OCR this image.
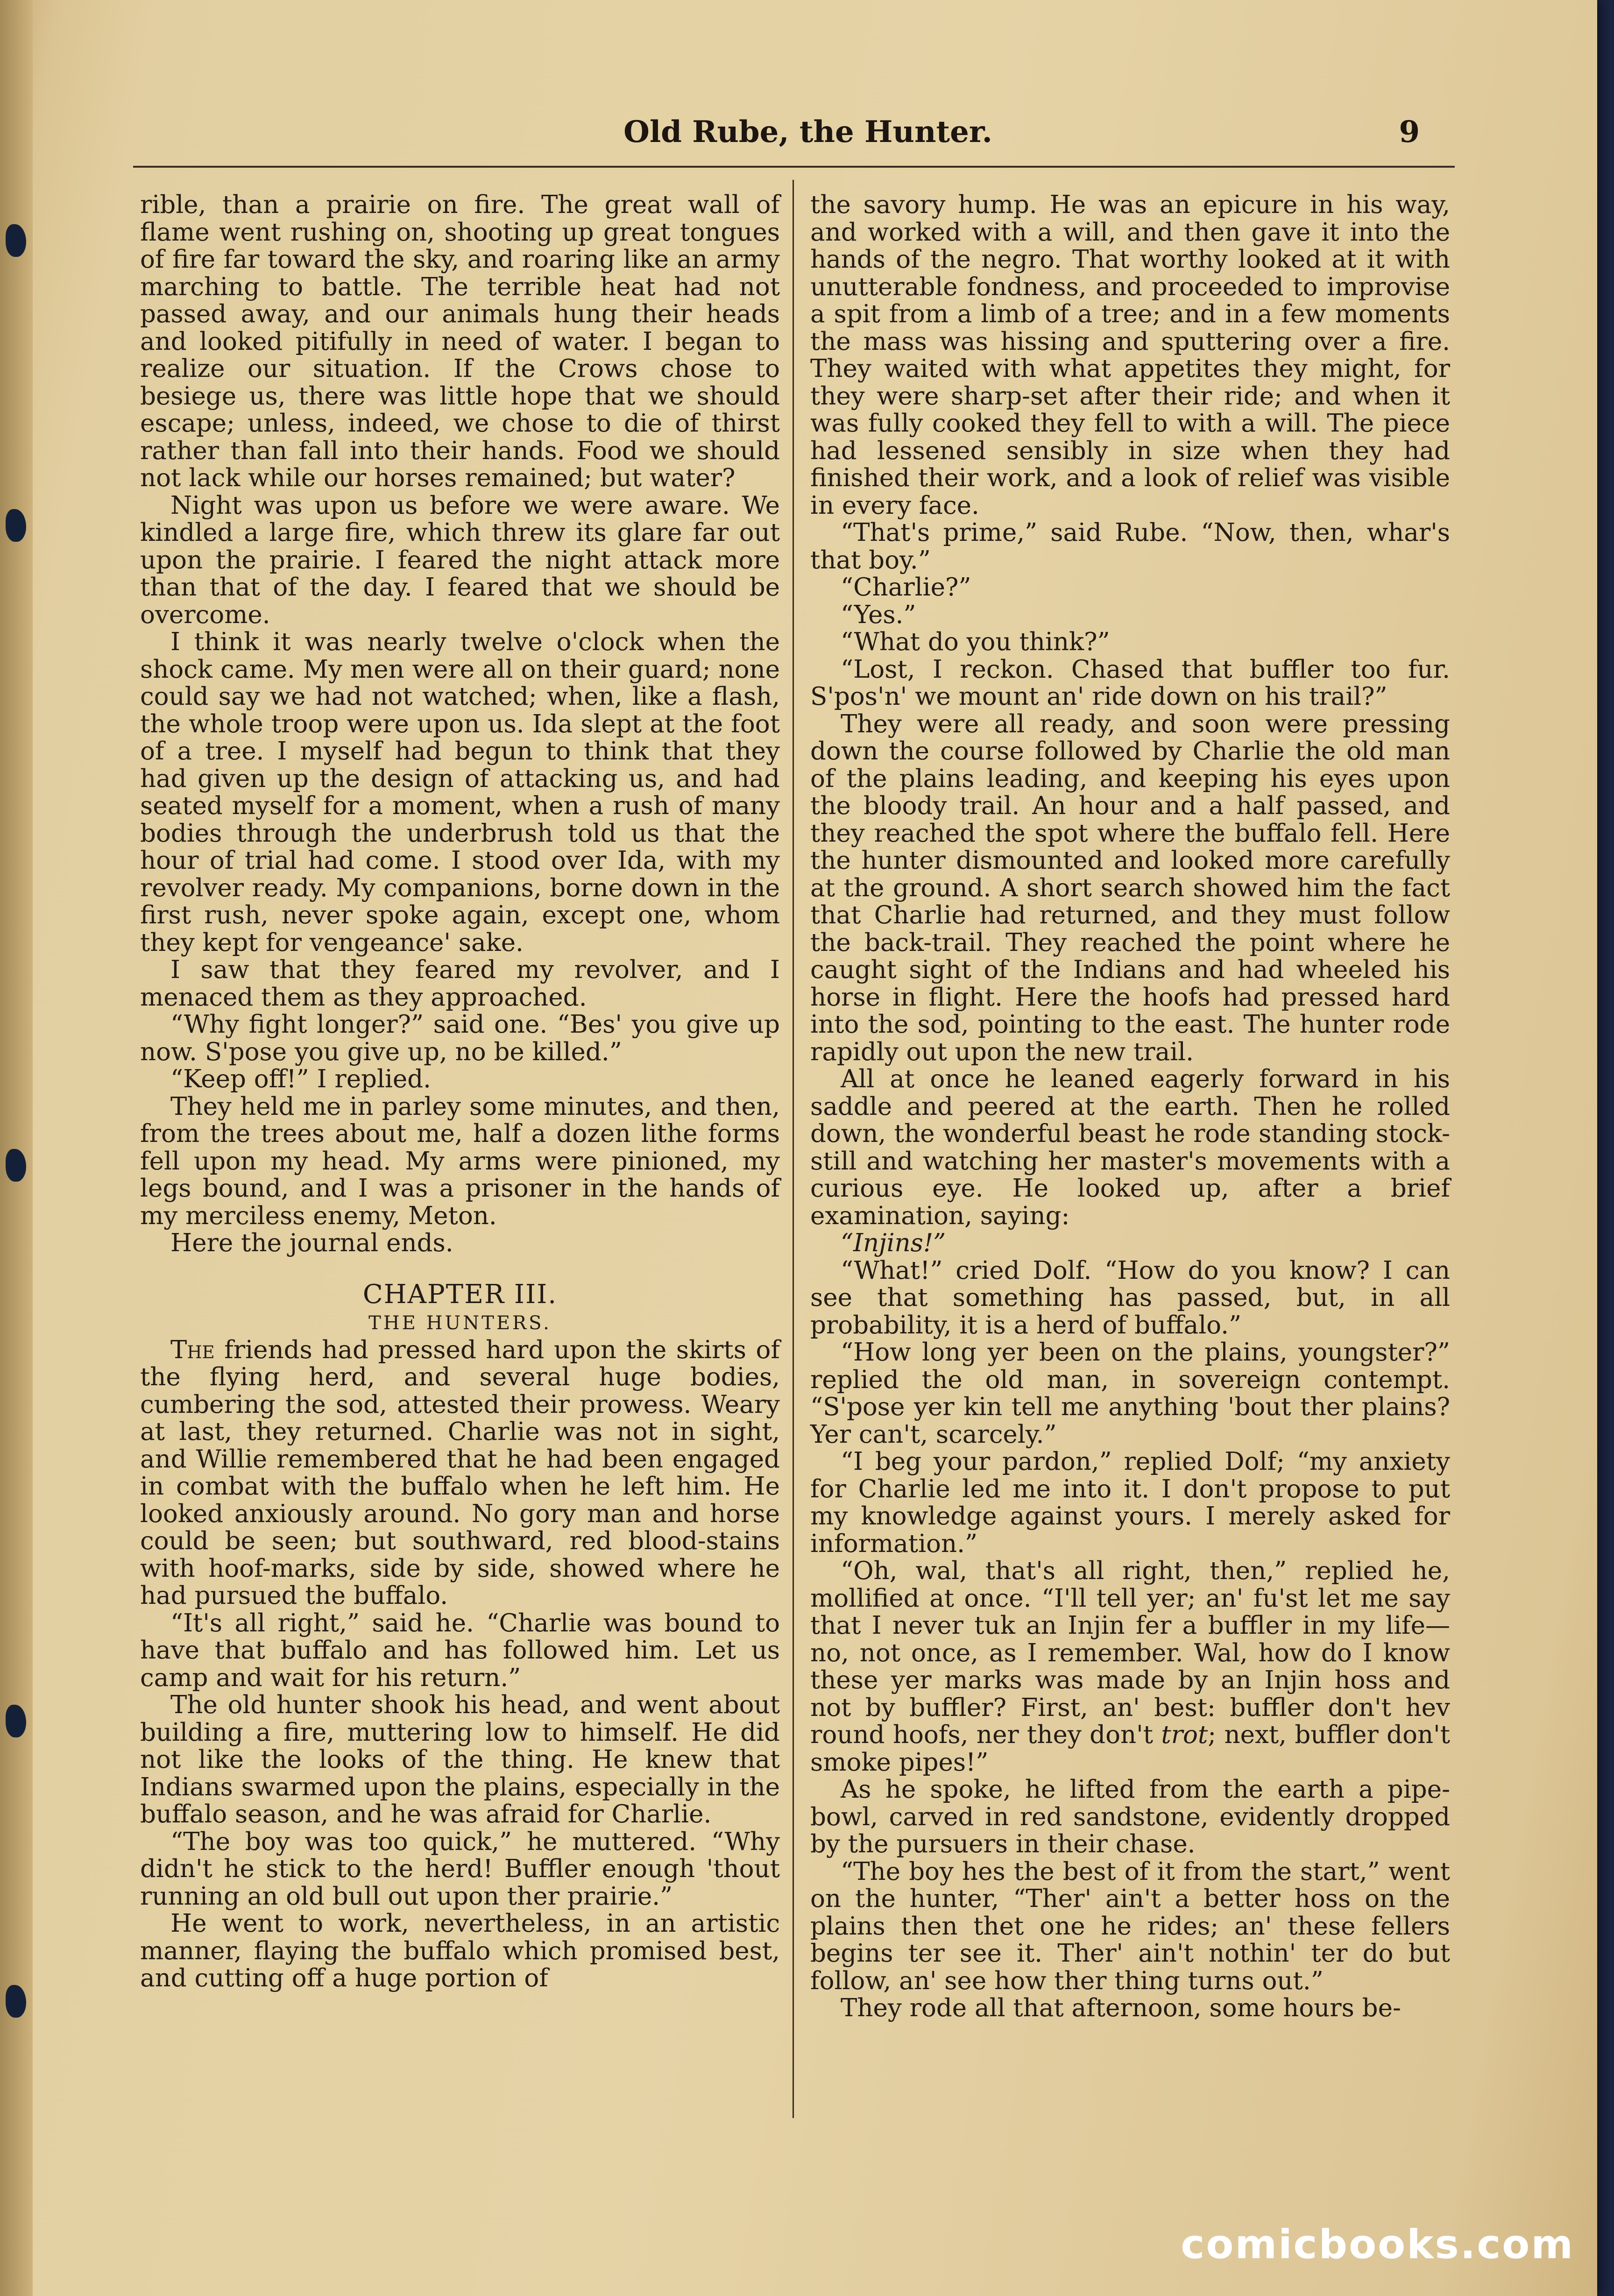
Old Rube, the Hunter.	9

rible, than a prairie on fire. The great wall of flame went rushing on, shooting up great tongues of fire far toward the sky, and roaring like an army marching to battle. The terrible heat had not passed away, and our animals hung their heads and looked pitifully in need of water. I began to realize our situation. If the Crows chose to besiege us, there was little hope that we should escape; unless, indeed, we chose to die of thirst rather than fall into their hands. Food we should not lack while our horses remained; but water?

Night was upon us before we were aware. We kindled a large fire, which threw its glare far out upon the prairie. I feared the night attack more than that of the day. I feared that we should be overcome.

I think it was nearly twelve o'clock when the shock came. My men were all on their guard; none could say we had not watched; when, like a flash, the whole troop were upon us. Ida slept at the foot of a tree. I myself had begun to think that they had given up the design of attacking us, and had seated myself for a moment, when a rush of many bodies through the underbrush told us that the hour of trial had come. I stood over Ida, with my revolver ready. My companions, borne down in the first rush, never spoke again, except one, whom they kept for vengeance' sake.

I saw that they feared my revolver, and I menaced them as they approached.

“Why fight longer?” said one. “Bes' you give up now. S'pose you give up, no be killed.”

“Keep off!” I replied.

They held me in parley some minutes, and then, from the trees about me, half a dozen lithe forms fell upon my head. My arms were pinioned, my legs bound, and I was a prisoner in the hands of my merciless enemy, Meton.

Here the journal ends.

CHAPTER III.
THE HUNTERS.

The friends had pressed hard upon the skirts of the flying herd, and several huge bodies, cumbering the sod, attested their prowess. Weary at last, they returned. Charlie was not in sight, and Willie remembered that he had been engaged in combat with the buffalo when he left him. He looked anxiously around. No gory man and horse could be seen; but southward, red blood-stains with hoof-marks, side by side, showed where he had pursued the buffalo.

“It's all right,” said he. “Charlie was bound to have that buffalo and has followed him. Let us camp and wait for his return.”

The old hunter shook his head, and went about building a fire, muttering low to himself. He did not like the looks of the thing. He knew that Indians swarmed upon the plains, especially in the buffalo season, and he was afraid for Charlie.

“The boy was too quick,” he muttered. “Why didn't he stick to the herd! Buffler enough 'thout running an old bull out upon ther prairie.”

He went to work, nevertheless, in an artistic manner, flaying the buffalo which promised best, and cutting off a huge portion of

the savory hump. He was an epicure in his way, and worked with a will, and then gave it into the hands of the negro. That worthy looked at it with unutterable fondness, and proceeded to improvise a spit from a limb of a tree; and in a few moments the mass was hissing and sputtering over a fire. They waited with what appetites they might, for they were sharp-set after their ride; and when it was fully cooked they fell to with a will. The piece had lessened sensibly in size when they had finished their work, and a look of relief was visible in every face.

“That's prime,” said Rube. “Now, then, whar's that boy.”

“Charlie?”

“Yes.”

“What do you think?”

“Lost, I reckon. Chased that buffler too fur. S'pos'n' we mount an' ride down on his trail?”

They were all ready, and soon were pressing down the course followed by Charlie the old man of the plains leading, and keeping his eyes upon the bloody trail. An hour and a half passed, and they reached the spot where the buffalo fell. Here the hunter dismounted and looked more carefully at the ground. A short search showed him the fact that Charlie had returned, and they must follow the back-trail. They reached the point where he caught sight of the Indians and had wheeled his horse in flight. Here the hoofs had pressed hard into the sod, pointing to the east. The hunter rode rapidly out upon the new trail.

All at once he leaned eagerly forward in his saddle and peered at the earth. Then he rolled down, the wonderful beast he rode standing stock-still and watching her master's movements with a curious eye. He looked up, after a brief examination, saying:

“Injins!”

“What!” cried Dolf. “How do you know? I can see that something has passed, but, in all probability, it is a herd of buffalo.”

“How long yer been on the plains, youngster?” replied the old man, in sovereign contempt. “S'pose yer kin tell me anything 'bout ther plains? Yer can't, scarcely.”

“I beg your pardon,” replied Dolf; “my anxiety for Charlie led me into it. I don't propose to put my knowledge against yours. I merely asked for information.”

“Oh, wal, that's all right, then,” replied he, mollified at once. “I'll tell yer; an' fu'st let me say that I never tuk an Injin fer a buffler in my life—no, not once, as I remember. Wal, how do I know these yer marks was made by an Injin hoss and not by buffler? First, an' best: buffler don't hev round hoofs, ner they don't trot; next, buffler don't smoke pipes!”

As he spoke, he lifted from the earth a pipe-bowl, carved in red sandstone, evidently dropped by the pursuers in their chase.

“The boy hes the best of it from the start,” went on the hunter, “Ther' ain't a better hoss on the plains then thet one he rides; an' these fellers begins ter see it. Ther' ain't nothin' ter do but follow, an' see how ther thing turns out.”

They rode all that afternoon, some hours be-

comicbooks.com
